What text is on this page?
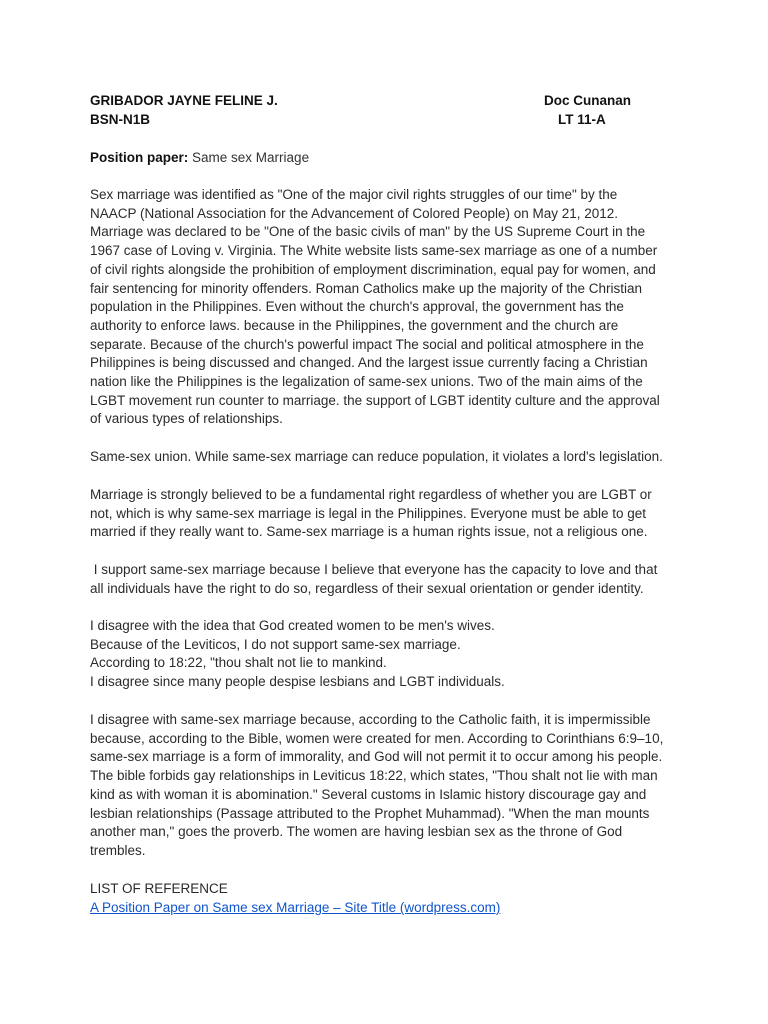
GRIBADOR JAYNE FELINE J.
BSN-N1B
Doc Cunanan
LT 11-A
Position paper: Same sex Marriage
Sex marriage was identified as "One of the major civil rights struggles of our time" by the
NAACP (National Association for the Advancement of Colored People) on May 21, 2012.
Marriage was declared to be "One of the basic civils of man" by the US Supreme Court in the
1967 case of Loving v. Virginia. The White website lists same-sex marriage as one of a number
of civil rights alongside the prohibition of employment discrimination, equal pay for women, and
fair sentencing for minority offenders. Roman Catholics make up the majority of the Christian
population in the Philippines. Even without the church's approval, the government has the
authority to enforce laws. because in the Philippines, the government and the church are
separate. Because of the church's powerful impact The social and political atmosphere in the
Philippines is being discussed and changed. And the largest issue currently facing a Christian
nation like the Philippines is the legalization of same-sex unions. Two of the main aims of the
LGBT movement run counter to marriage. the support of LGBT identity culture and the approval
of various types of relationships.
Same-sex union. While same-sex marriage can reduce population, it violates a lord's legislation.
Marriage is strongly believed to be a fundamental right regardless of whether you are LGBT or
not, which is why same-sex marriage is legal in the Philippines. Everyone must be able to get
married if they really want to. Same-sex marriage is a human rights issue, not a religious one.
I support same-sex marriage because I believe that everyone has the capacity to love and that
all individuals have the right to do so, regardless of their sexual orientation or gender identity.
I disagree with the idea that God created women to be men's wives.
Because of the Leviticos, I do not support same-sex marriage.
According to 18:22, "thou shalt not lie to mankind.
I disagree since many people despise lesbians and LGBT individuals.
I disagree with same-sex marriage because, according to the Catholic faith, it is impermissible
because, according to the Bible, women were created for men. According to Corinthians 6:9–10,
same-sex marriage is a form of immorality, and God will not permit it to occur among his people.
The bible forbids gay relationships in Leviticus 18:22, which states, "Thou shalt not lie with man
kind as with woman it is abomination." Several customs in Islamic history discourage gay and
lesbian relationships (Passage attributed to the Prophet Muhammad). "When the man mounts
another man," goes the proverb. The women are having lesbian sex as the throne of God
trembles.
LIST OF REFERENCE
A Position Paper on Same sex Marriage – Site Title (wordpress.com)
